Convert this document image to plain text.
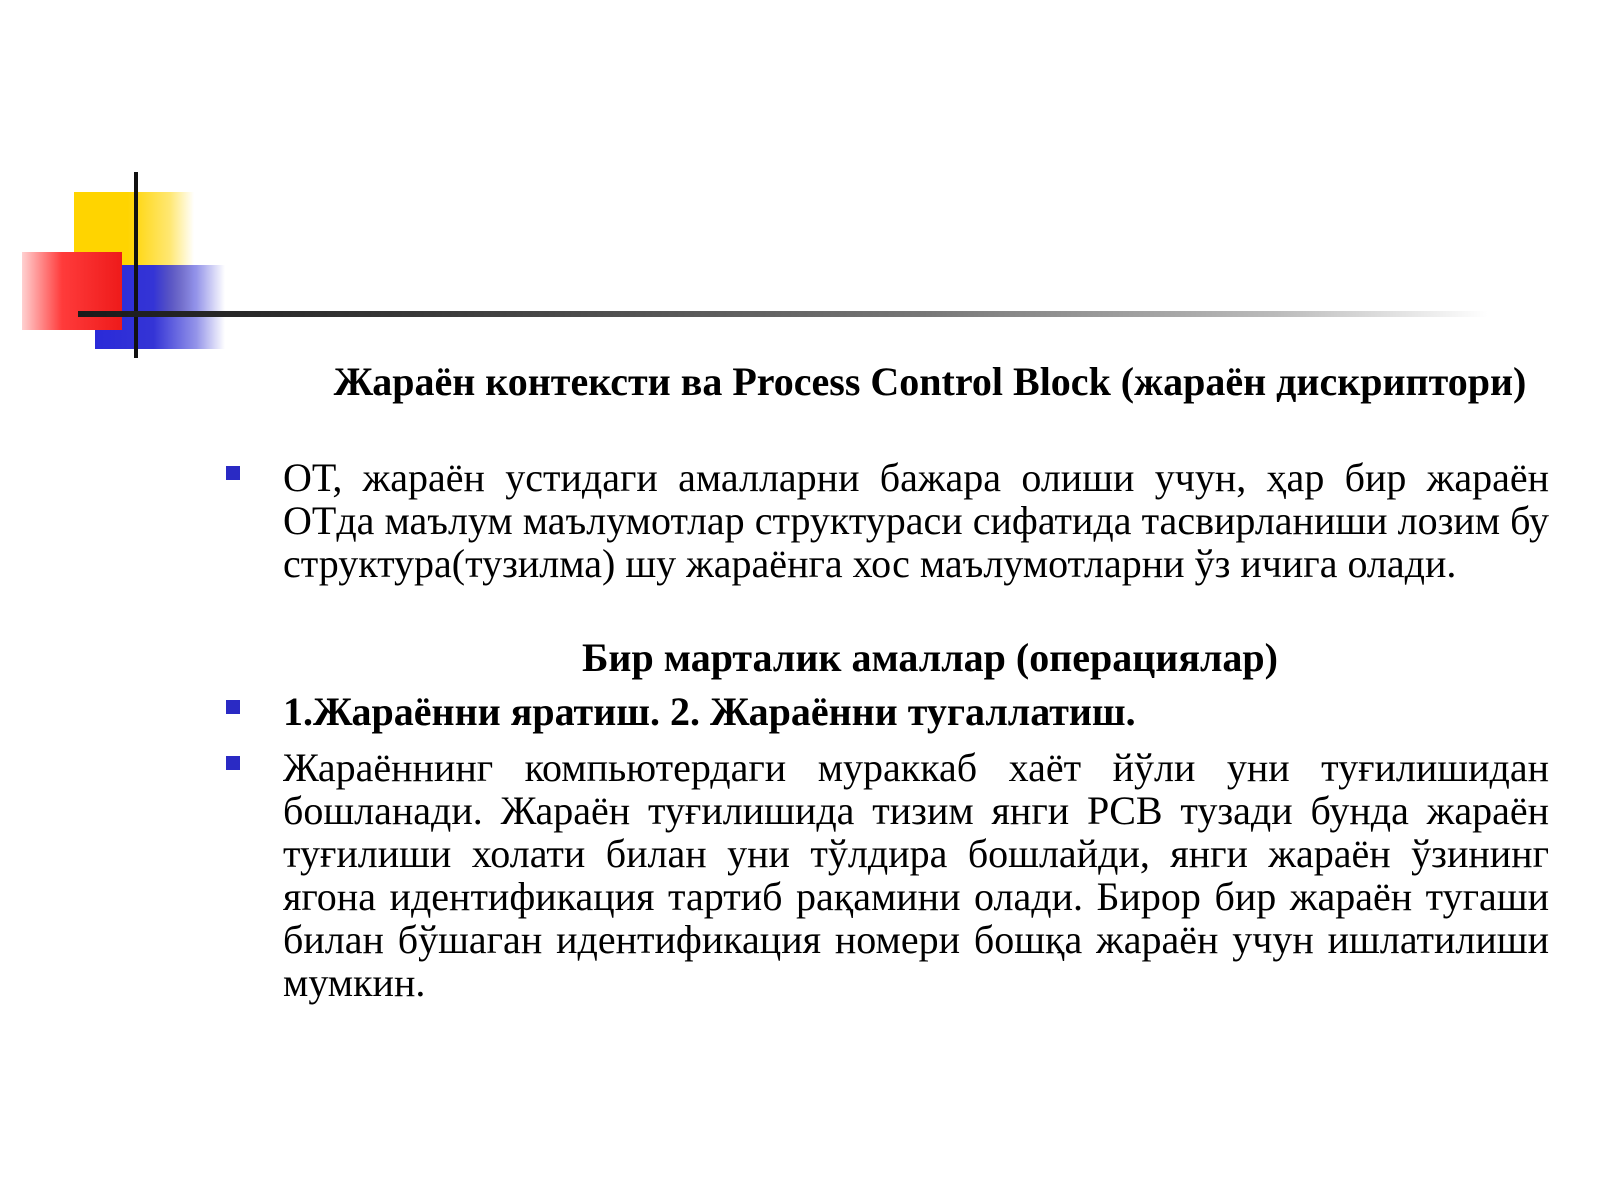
Жараён контексти ва Process Control Block (жараён дискриптори)

ОТ, жараён устидаги амалларни бажара олиши учун, ҳар бир жараён ОТда маълум маълумотлар структураси сифатида тасвирланиши лозим бу структура(тузилма) шу жараёнга хос маълумотларни ўз ичига олади.

Бир марталик амаллар (операциялар)

1.Жараённи яратиш. 2. Жараённи тугаллатиш.

Жараённинг компьютердаги мураккаб хаёт йўли уни туғилишидан бошланади. Жараён туғилишида тизим янги PCB тузади бунда жараён туғилиши холати билан уни тўлдира бошлайди, янги жараён ўзининг ягона идентификация тартиб рақамини олади. Бирор бир жараён тугаши билан бўшаган идентификация номери бошқа жараён учун ишлатилиши мумкин.
